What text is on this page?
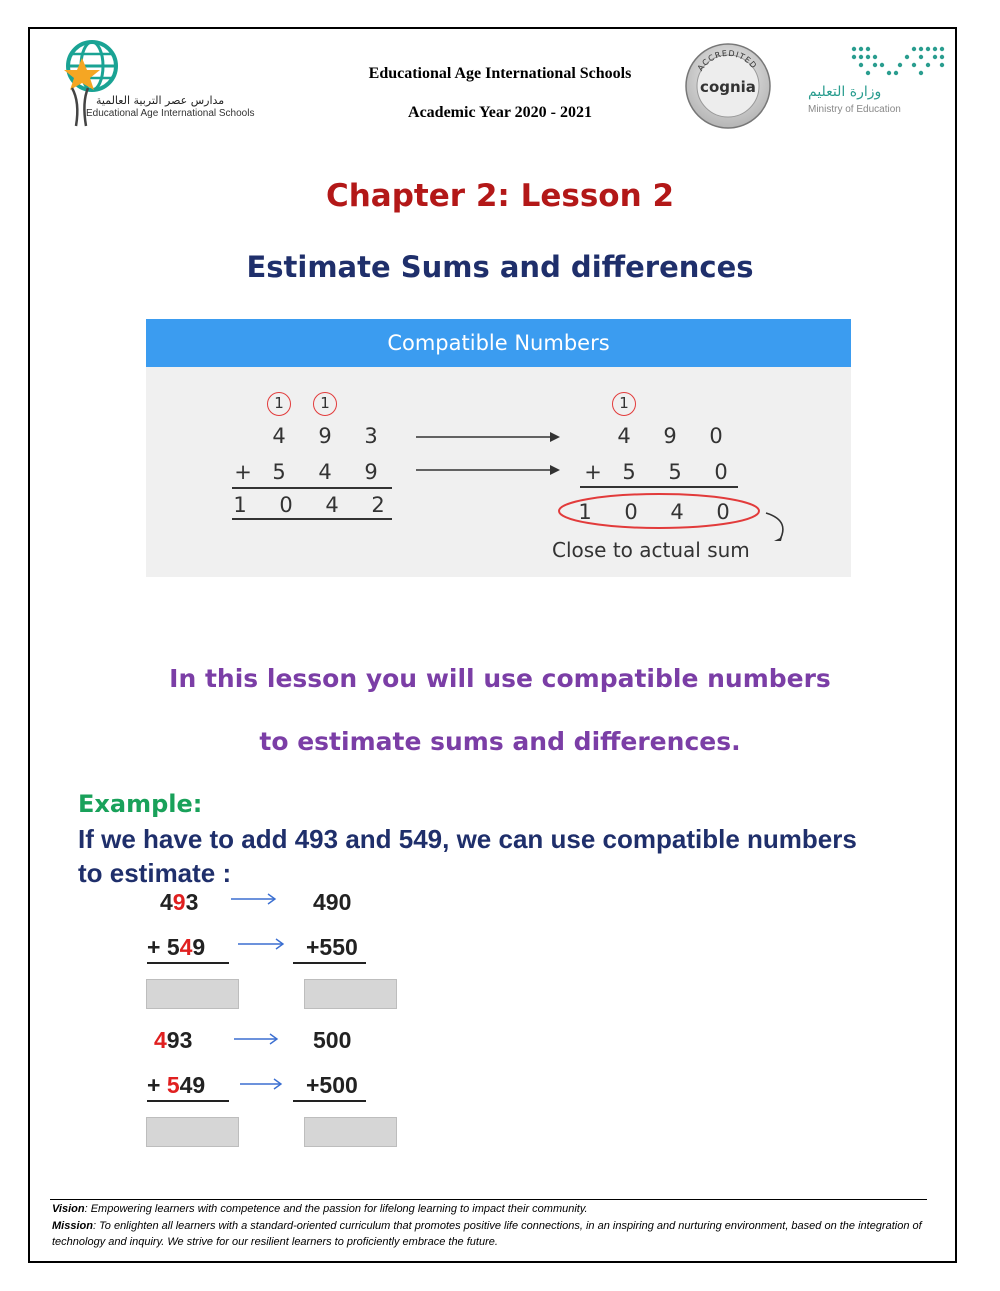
مدارس عصر التربية العالمية
Educational Age International Schools
Educational Age International Schools
Academic Year 2020 - 2021
ACCREDITED
cognia	وزارة التعليم
Ministry of Education
Chapter 2: Lesson 2
Estimate Sums and differences
Compatible Numbers
1	1
4 9 3
+ 5 4 9
1 0 4 2
1
4 9 0
+ 5 5 0
1 0 4 0
Close to actual sum
In this lesson you will use compatible numbers
to estimate sums and differences.
Example:
If we have to add 493 and 549, we can use compatible numbers to estimate :
493	490
+ 549	+550
493	500
+ 549	+500
Vision: Empowering learners with competence and the passion for lifelong learning to impact their community.
Mission: To enlighten all learners with a standard-oriented curriculum that promotes positive life connections, in an inspiring and nurturing environment, based on the integration of technology and inquiry. We strive for our resilient learners to proficiently embrace the future.
